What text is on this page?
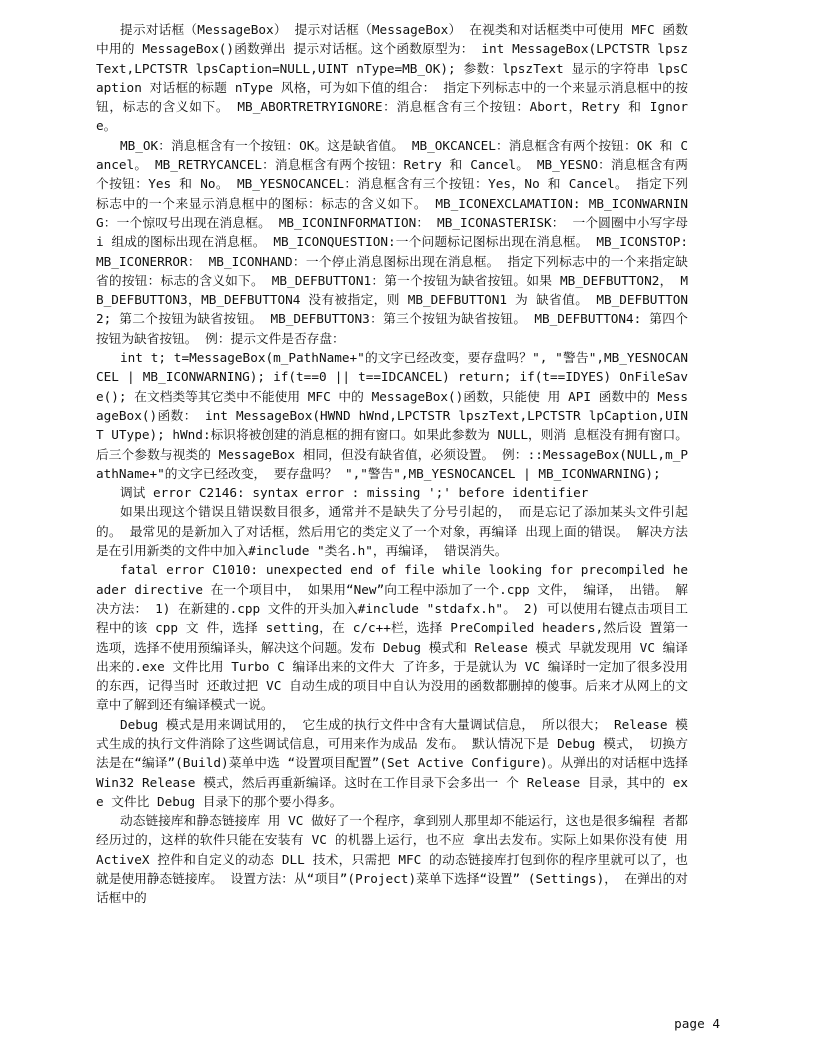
提示对话框（MessageBox） 提示对话框（MessageBox） 在视类和对话框类中可使用 MFC 函数中用的 MessageBox()函数弹出 提示对话框。这个函数原型为： int MessageBox(LPCTSTR lpszText,LPCTSTR lpsCaption=NULL,UINT nType=MB_OK); 参数：lpszText 显示的字符串 lpsCaption 对话框的标题 nType 风格，可为如下值的组合： 指定下列标志中的一个来显示消息框中的按钮，标志的含义如下。 MB_ABORTRETRYIGNORE：消息框含有三个按钮：Abort，Retry 和 Ignore。

MB_OK：消息框含有一个按钮：OK。这是缺省值。 MB_OKCANCEL：消息框含有两个按钮：OK 和 Cancel。 MB_RETRYCANCEL：消息框含有两个按钮：Retry 和 Cancel。 MB_YESNO：消息框含有两个按钮：Yes 和 No。 MB_YESNOCANCEL：消息框含有三个按钮：Yes，No 和 Cancel。 指定下列标志中的一个来显示消息框中的图标：标志的含义如下。 MB_ICONEXCLAMATION: MB_ICONWARNING：一个惊叹号出现在消息框。 MB_ICONINFORMATION： MB_ICONASTERISK： 一个圆圈中小写字母 i 组成的图标出现在消息框。 MB_ICONQUESTION:一个问题标记图标出现在消息框。 MB_ICONSTOP: MB_ICONERROR： MB_ICONHAND：一个停止消息图标出现在消息框。 指定下列标志中的一个来指定缺省的按钮：标志的含义如下。 MB_DEFBUTTON1：第一个按钮为缺省按钮。如果 MB_DEFBUTTON2， MB_DEFBUTTON3，MB_DEFBUTTON4 没有被指定，则 MB_DEFBUTTON1 为 缺省值。 MB_DEFBUTTON2; 第二个按钮为缺省按钮。 MB_DEFBUTTON3：第三个按钮为缺省按钮。 MB_DEFBUTTON4: 第四个按钮为缺省按钮。 例：提示文件是否存盘：

int t; t=MessageBox(m_PathName+"的文字已经改变，要存盘吗？", "警告",MB_YESNOCANCEL | MB_ICONWARNING); if(t==0 || t==IDCANCEL) return; if(t==IDYES) OnFileSave(); 在文档类等其它类中不能使用 MFC 中的 MessageBox()函数，只能使 用 API 函数中的 MessageBox()函数： int MessageBox(HWND hWnd,LPCTSTR lpszText,LPCTSTR lpCaption,UINT UType); hWnd:标识将被创建的消息框的拥有窗口。如果此参数为 NULL，则消 息框没有拥有窗口。 后三个参数与视类的 MessageBox 相同，但没有缺省值，必须设置。 例：::MessageBox(NULL,m_PathName+"的文字已经改变， 要存盘吗？ ","警告",MB_YESNOCANCEL | MB_ICONWARNING);

调试 error C2146: syntax error : missing ';' before identifier

如果出现这个错误且错误数目很多，通常并不是缺失了分号引起的， 而是忘记了添加某头文件引起的。 最常见的是新加入了对话框，然后用它的类定义了一个对象，再编译 出现上面的错误。 解决方法是在引用新类的文件中加入#include "类名.h"，再编译， 错误消失。

fatal error C1010: unexpected end of file while looking for precompiled header directive 在一个项目中， 如果用“New”向工程中添加了一个.cpp 文件， 编译， 出错。 解决方法： 1) 在新建的.cpp 文件的开头加入#include "stdafx.h"。 2) 可以使用右键点击项目工程中的该 cpp 文 件，选择 setting，在 c/c++栏，选择 PreCompiled headers,然后设 置第一选项，选择不使用预编译头，解决这个问题。发布 Debug 模式和 Release 模式 早就发现用 VC 编译出来的.exe 文件比用 Turbo C 编译出来的文件大 了许多，于是就认为 VC 编译时一定加了很多没用的东西，记得当时 还敢过把 VC 自动生成的项目中自认为没用的函数都删掉的傻事。后来才从网上的文章中了解到还有编译模式一说。

Debug 模式是用来调试用的， 它生成的执行文件中含有大量调试信息， 所以很大； Release 模式生成的执行文件消除了这些调试信息，可用来作为成品 发布。 默认情况下是 Debug 模式， 切换方法是在“编译”(Build)菜单中选 “设置项目配置”(Set Active Configure)。从弹出的对话框中选择 Win32 Release 模式，然后再重新编译。这时在工作目录下会多出一 个 Release 目录，其中的 exe 文件比 Debug 目录下的那个要小得多。

动态链接库和静态链接库 用 VC 做好了一个程序，拿到别人那里却不能运行，这也是很多编程 者都经历过的，这样的软件只能在安装有 VC 的机器上运行，也不应 拿出去发布。实际上如果你没有使 用 ActiveX 控件和自定义的动态 DLL 技术，只需把 MFC 的动态链接库打包到你的程序里就可以了，也 就是使用静态链接库。 设置方法：从“项目”(Project)菜单下选择“设置” (Settings)， 在弹出的对话框中的

page 4
